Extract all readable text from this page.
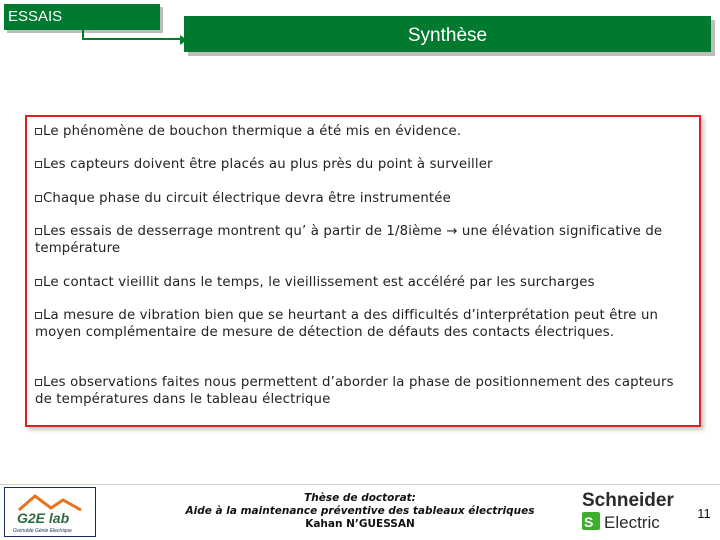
ESSAIS
Synthèse
Le phénomène de bouchon thermique a été mis en évidence.
Les capteurs doivent être placés au plus près du point à surveiller
Chaque phase du circuit électrique devra être instrumentée
Les essais de desserrage montrent qu’ à partir de 1/8ième → une élévation significative de température
Le contact vieillit dans le temps, le vieillissement est accéléré par les surcharges
La mesure de vibration bien que se heurtant a des difficultés d’interprétation peut être un moyen complémentaire de mesure de détection de défauts des contacts électriques.
Les observations faites nous permettent d’aborder la phase de positionnement des capteurs de températures dans le tableau électrique
G2E lab
Grenoble Génie Electrique
Thèse de doctorat:
Aide à la maintenance préventive des tableaux électriques
Kahan N’GUESSAN
Schneider
S Electric	11
